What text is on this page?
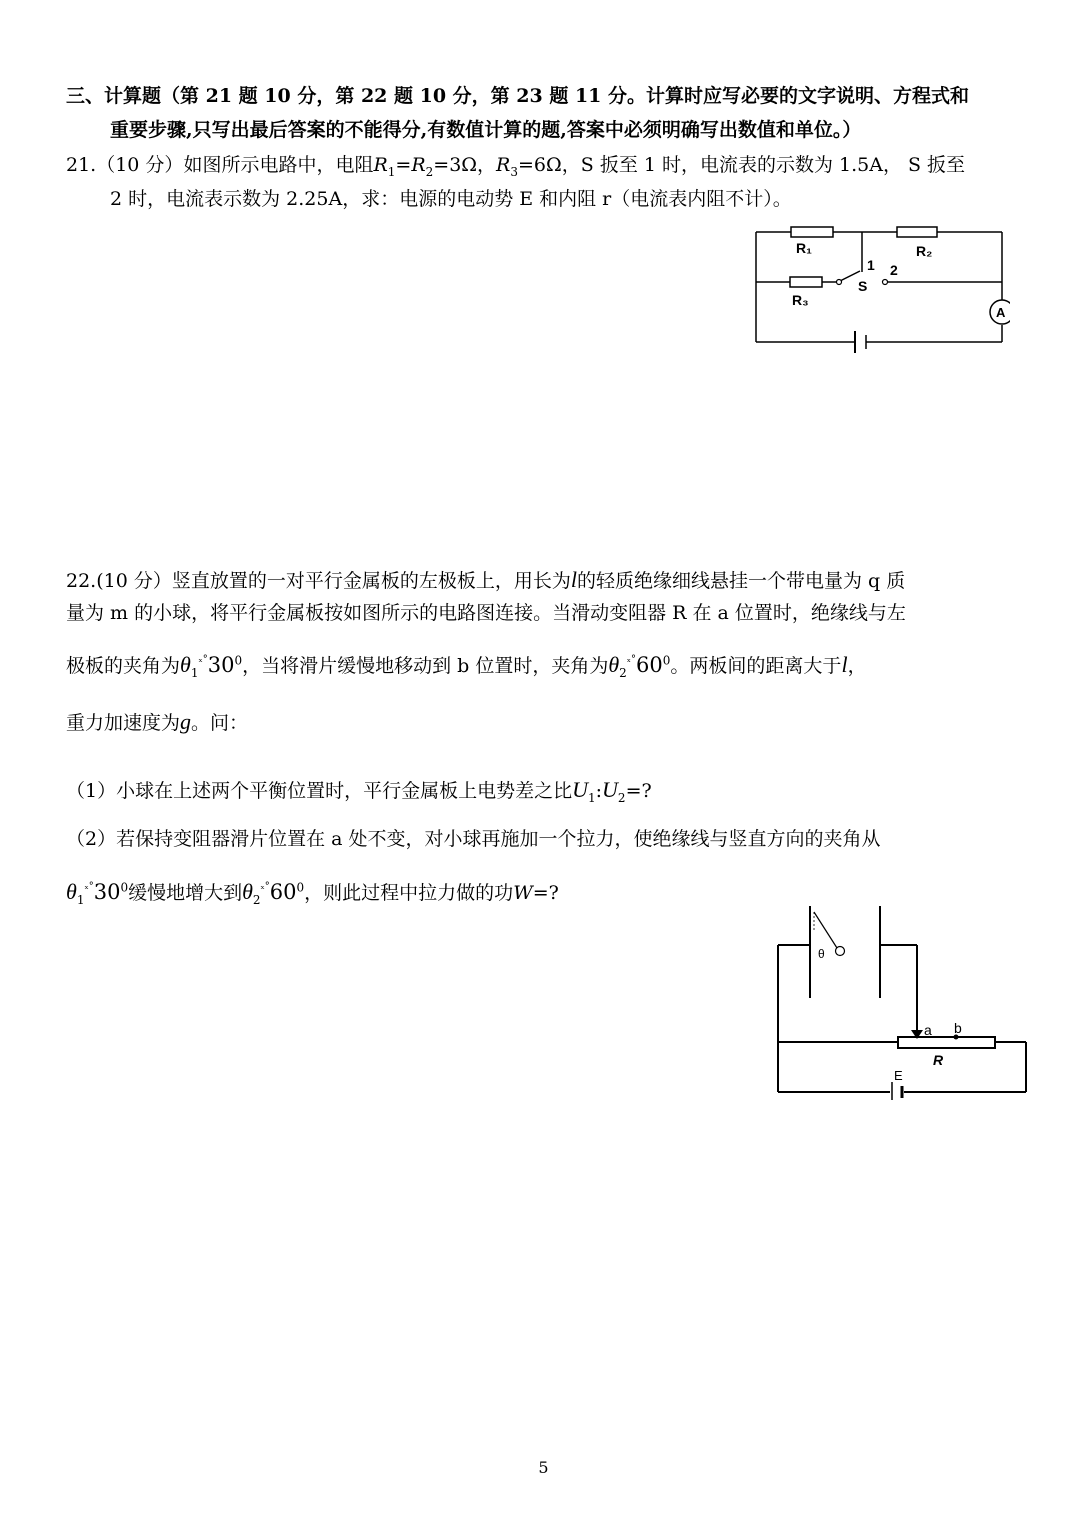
三、计算题（第 21 题 10 分，第 22 题 10 分，第 23 题 11 分。计算时应写必要的文字说明、方程式和
重要步骤,只写出最后答案的不能得分,有数值计算的题,答案中必须明确写出数值和单位。）
21.（10 分）如图所示电路中，电阻$R_1=R_2=3\Omega$，$R_3=6\Omega$，S 扳至 1 时，电流表的示数为 1.5A， S 扳至
2 时，电流表示数为 2.25A，求：电源的电动势 E 和内阻 r（电流表内阻不计）。
R₁	R₂
R₃
S
1 2
A
22.(10 分）竖直放置的一对平行金属板的左极板上，用长为l的轻质绝缘细线悬挂一个带电量为 q 质
量为 m 的小球，将平行金属板按如图所示的电路图连接。当滑动变阻器 R 在 a 位置时，绝缘线与左
极板的夹角为$\theta_1^{_x^\circ}30^0$，当将滑片缓慢地移动到 b 位置时，夹角为$\theta_2^{_x^\circ}60^0$。两板间的距离大于l，
重力加速度为g。问：
（1）小球在上述两个平衡位置时，平行金属板上电势差之比$U_1:U_2=$?
（2）若保持变阻器滑片位置在 a 处不变，对小球再施加一个拉力，使绝缘线与竖直方向的夹角从
$\theta_1^{_x^\circ}30^0$缓慢地增大到$\theta_2^{_x^\circ}60^0$，则此过程中拉力做的功W=?
θ
a b
R
E
5
